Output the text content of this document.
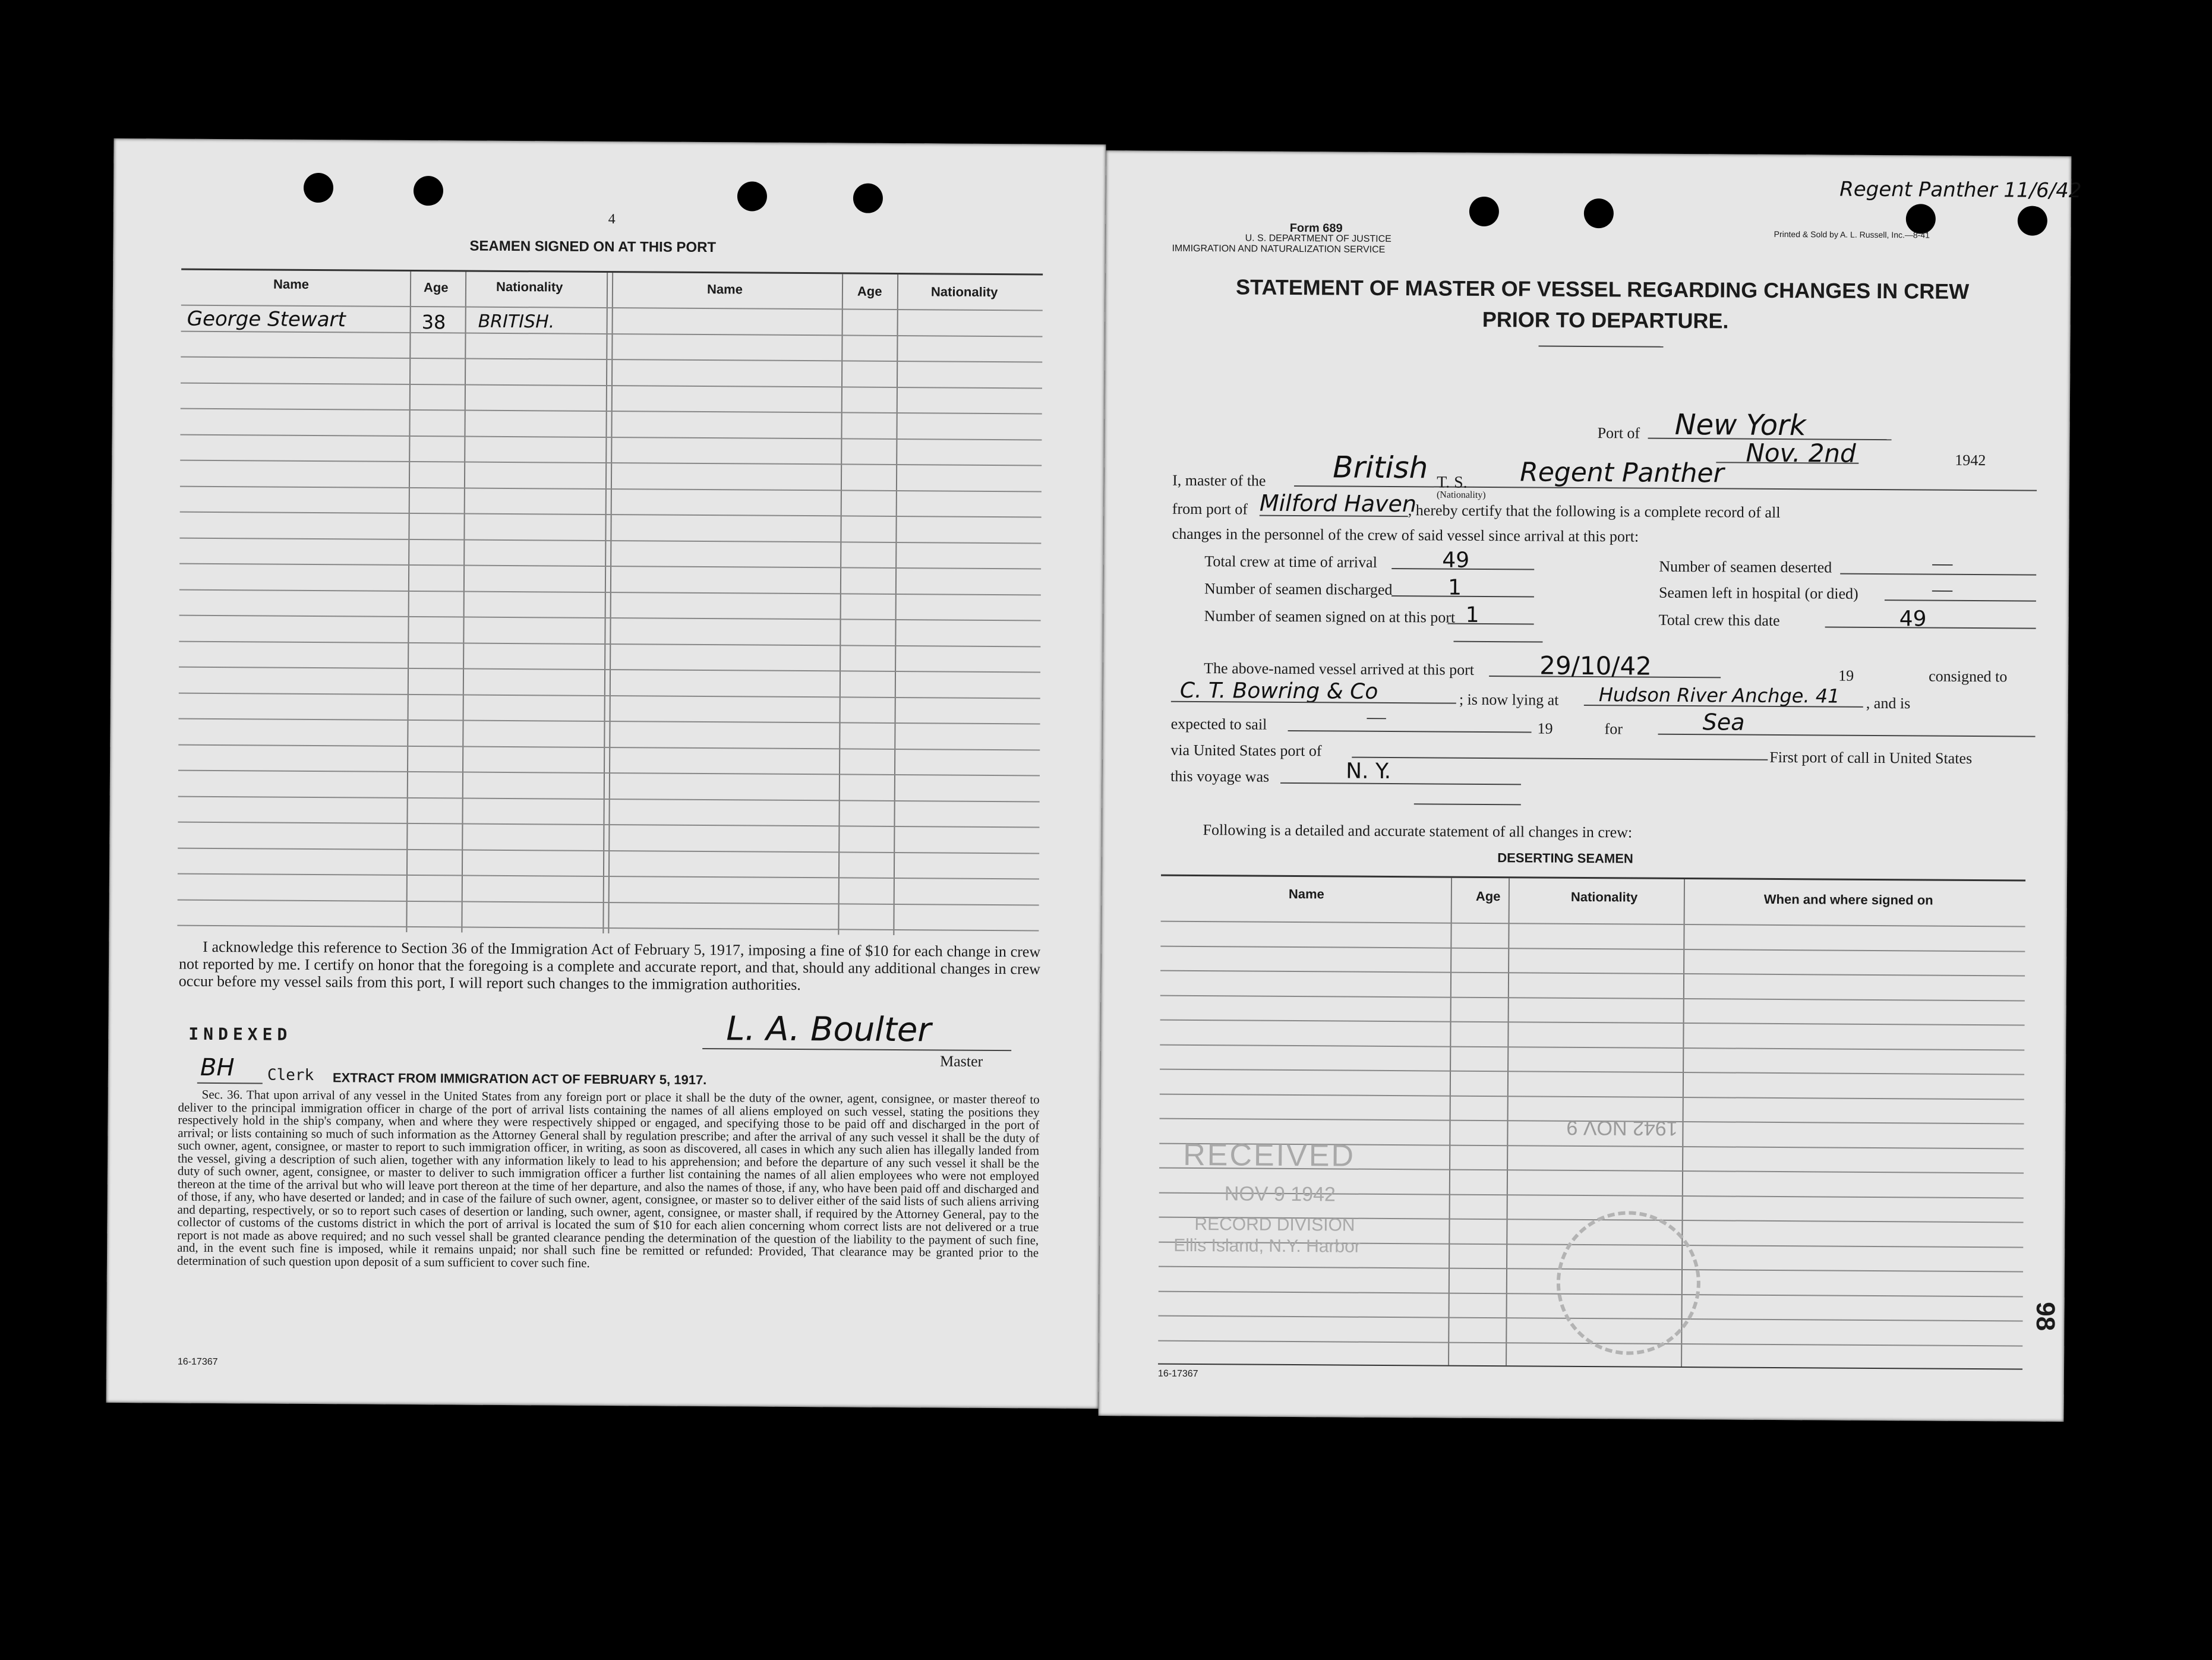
4
SEAMEN SIGNED ON AT THIS PORT
Name	Age	Nationality	Name	Age	Nationality
George Stewart	38 BRITISH.
I acknowledge this reference to Section 36 of the Immigration Act of February 5, 1917, imposing a fine of $10 for each change in crew not reported by me. I certify on honor that the foregoing is a complete and accurate report, and that, should any additional changes in crew occur before my vessel sails from this port, I will report such changes to the immigration authorities.
INDEXED	L. A. Boulter
Master
BH Clerk EXTRACT FROM IMMIGRATION ACT OF FEBRUARY 5, 1917.
Sec. 36. That upon arrival of any vessel in the United States from any foreign port or place it shall be the duty of the owner, agent, consignee, or master thereof to deliver to the principal immigration officer in charge of the port of arrival lists containing the names of all aliens employed on such vessel, stating the positions they respectively hold in the ship's company, when and where they were respectively shipped or engaged, and specifying those to be paid off and discharged in the port of arrival; or lists containing so much of such information as the Attorney General shall by regulation prescribe; and after the arrival of any such vessel it shall be the duty of such owner, agent, consignee, or master to report to such immigration officer, in writing, as soon as discovered, all cases in which any such alien has illegally landed from the vessel, giving a description of such alien, together with any information likely to lead to his apprehension; and before the departure of any such vessel it shall be the duty of such owner, agent, consignee, or master to deliver to such immigration officer a further list containing the names of all alien employees who were not employed thereon at the time of the arrival but who will leave port thereon at the time of her departure, and also the names of those, if any, who have been paid off and discharged and of those, if any, who have deserted or landed; and in case of the failure of such owner, agent, consignee, or master so to deliver either of the said lists of such aliens arriving and departing, respectively, or so to report such cases of desertion or landing, such owner, agent, consignee, or master shall, if required by the Attorney General, pay to the collector of customs of the customs district in which the port of arrival is located the sum of $10 for each alien concerning whom correct lists are not delivered or a true report is not made as above required; and no such vessel shall be granted clearance pending the determination of the question of the liability to the payment of such fine, and, in the event such fine is imposed, while it remains unpaid; nor shall such fine be remitted or refunded: Provided, That clearance may be granted prior to the determination of such question upon deposit of a sum sufficient to cover such fine.
16-17367
Form 689
U. S. DEPARTMENT OF JUSTICE
IMMIGRATION AND NATURALIZATION SERVICE
Printed & Sold by A. L. Russell, Inc.—8-41
Regent Panther 11/6/42
STATEMENT OF MASTER OF VESSEL REGARDING CHANGES IN CREW
PRIOR TO DEPARTURE.
Port of New York
Nov. 2nd	1942
I, master of the British T. S. Regent Panther
(Nationality)
from port of Milford Haven
, hereby certify that the following is a complete record of all
changes in the personnel of the crew of said vessel since arrival at this port:
Total crew at time of arrival	49
Number of seamen discharged	1
Number of seamen signed on at this port 1
Number of seamen deserted	—
Seamen left in hospital (or died)	—
Total crew this date	49
The above-named vessel arrived at this port	29/10/42	19	consigned to
C. T. Bowring & Co	; is now lying at Hudson River Anchge. 41 , and is
expected to sail	—
19	for	Sea
via United States port of	First port of call in United States
this voyage was	N. Y.
Following is a detailed and accurate statement of all changes in crew:
DESERTING SEAMEN
Name	Age	Nationality	When and where signed on
RECEIVED
NOV 9 1942
RECORD DIVISION
Ellis Island, N.Y. Harbor
1942 NOV 9
98
16-17367
